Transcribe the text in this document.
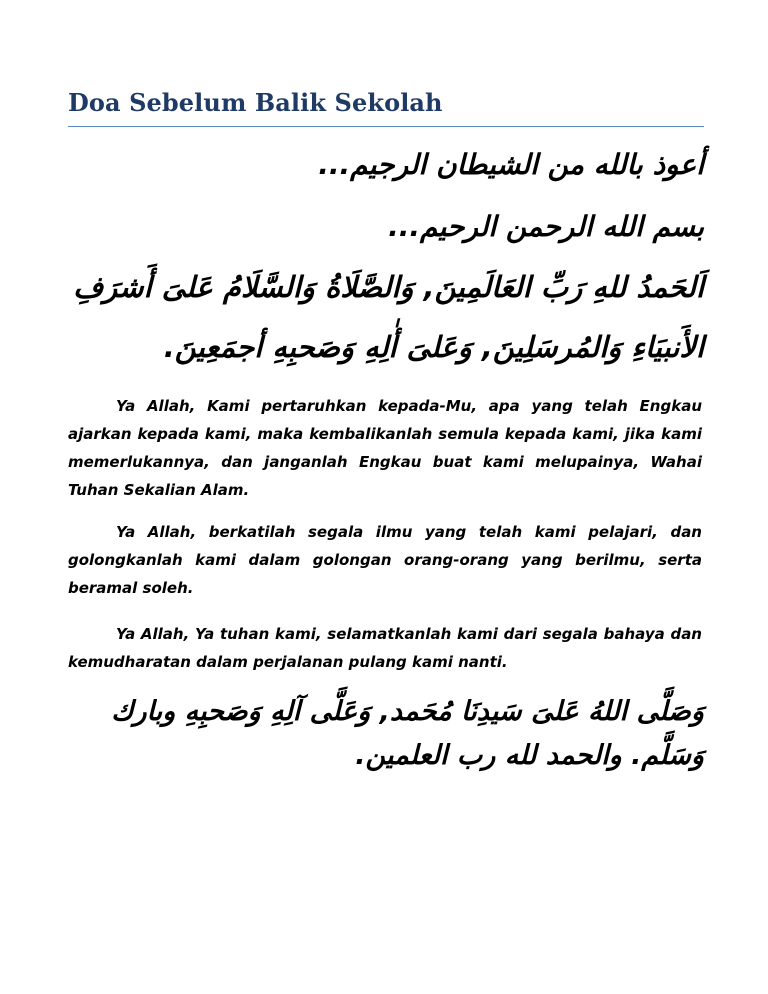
Doa Sebelum Balik Sekolah
أعوذ بالله من الشيطان الرجيم...
بسم الله الرحمن الرحيم...
اَلحَمدُ للهِ رَبِّ العَالَمِينَ, وَالصَّلَاةُ وَالسَّلَامُ عَلىَ أَشرَفِ
الأَنبيَاءِ وَالمُرسَلِينَ, وَعَلىَ أٰلِهِ وَصَحبِهِ أجمَعِينَ.

Ya Allah, Kami pertaruhkan kepada-Mu, apa yang telah Engkau ajarkan kepada kami, maka kembalikanlah semula kepada kami, jika kami memerlukannya, dan janganlah Engkau buat kami melupainya, Wahai Tuhan Sekalian Alam.

Ya Allah, berkatilah segala ilmu yang telah kami pelajari, dan golongkanlah kami dalam golongan orang-orang yang berilmu, serta beramal soleh.

Ya Allah, Ya tuhan kami, selamatkanlah kami dari segala bahaya dan kemudharatan dalam perjalanan pulang kami nanti.

وَصَلَّى اللهُ عَلىَ سَيدِنَا مُحَمد, وَعَلَّى آلِهِ وَصَحبِهِ وبارك
وَسَلَّم. والحمد لله رب العلمين.
